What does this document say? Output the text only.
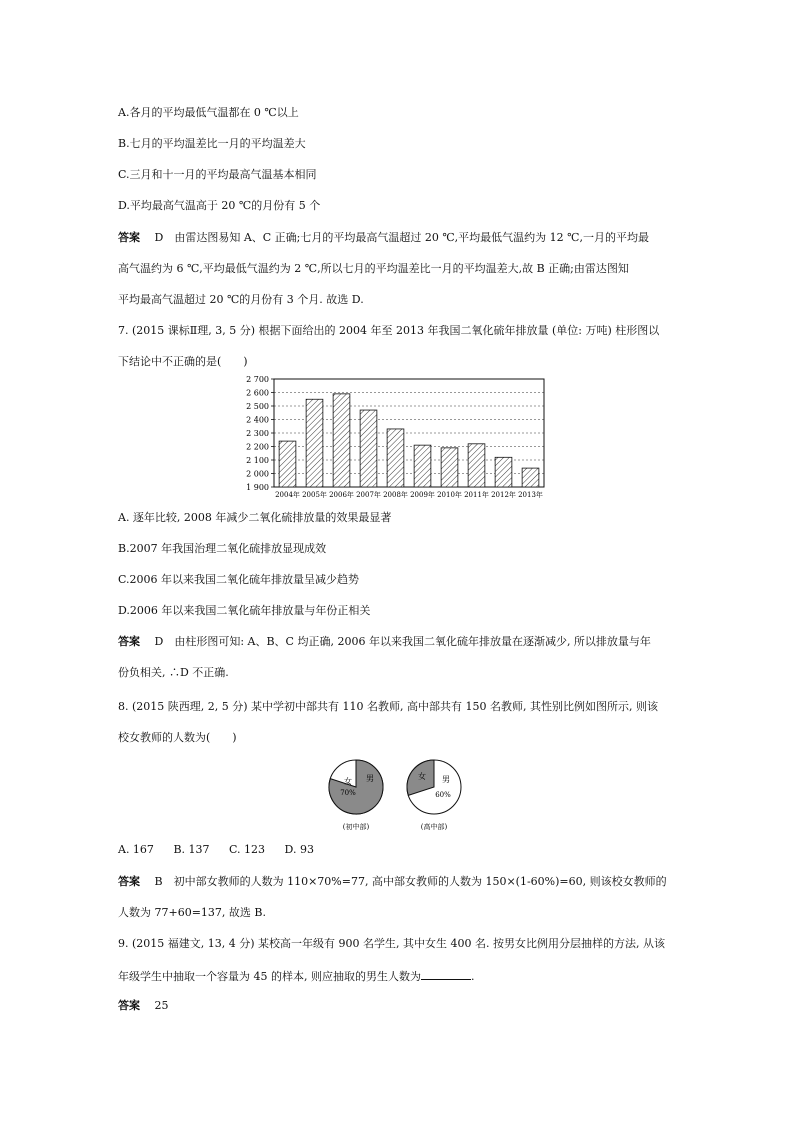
A.各月的平均最低气温都在 0 ℃以上
B.七月的平均温差比一月的平均温差大
C.三月和十一月的平均最高气温基本相同
D.平均最高气温高于 20 ℃的月份有 5 个
答案　 D　由雷达图易知 A、C 正确;七月的平均最高气温超过 20 ℃,平均最低气温约为 12 ℃,一月的平均最
高气温约为 6 ℃,平均最低气温约为 2 ℃,所以七月的平均温差比一月的平均温差大,故 B 正确;由雷达图知
平均最高气温超过 20 ℃的月份有 3 个月. 故选 D.
7. (2015 课标Ⅱ理, 3, 5 分) 根据下面给出的 2004 年至 2013 年我国二氧化硫年排放量 (单位: 万吨) 柱形图以
下结论中不正确的是(　　)
1 900
2 000
2 100
2 200
2 300
2 400
2 500
2 600
2 700
2004年 2005年 2006年 2007年 2008年 2009年 2010年 2011年 2012年 2013年
A. 逐年比较, 2008 年减少二氧化硫排放量的效果最显著
B.2007 年我国治理二氧化硫排放显现成效
C.2006 年以来我国二氧化硫年排放量呈减少趋势
D.2006 年以来我国二氧化硫年排放量与年份正相关
答案　 D　由柱形图可知: A、B、C 均正确, 2006 年以来我国二氧化硫年排放量在逐渐减少, 所以排放量与年
份负相关, ∴D 不正确.
8. (2015 陕西理, 2, 5 分) 某中学初中部共有 110 名教师, 高中部共有 150 名教师, 其性别比例如图所示, 则该
校女教师的人数为(　　)
女
70%
男
(初中部)
女 男
60%
(高中部)
A. 167 B. 137 C. 123 D. 93
答案　 B　初中部女教师的人数为 110×70%=77, 高中部女教师的人数为 150×(1-60%)=60, 则该校女教师的
人数为 77+60=137, 故选 B.
9. (2015 福建文, 13, 4 分) 某校高一年级有 900 名学生, 其中女生 400 名. 按男女比例用分层抽样的方法, 从该
年级学生中抽取一个容量为 45 的样本, 则应抽取的男生人数为	.
答案　 25
